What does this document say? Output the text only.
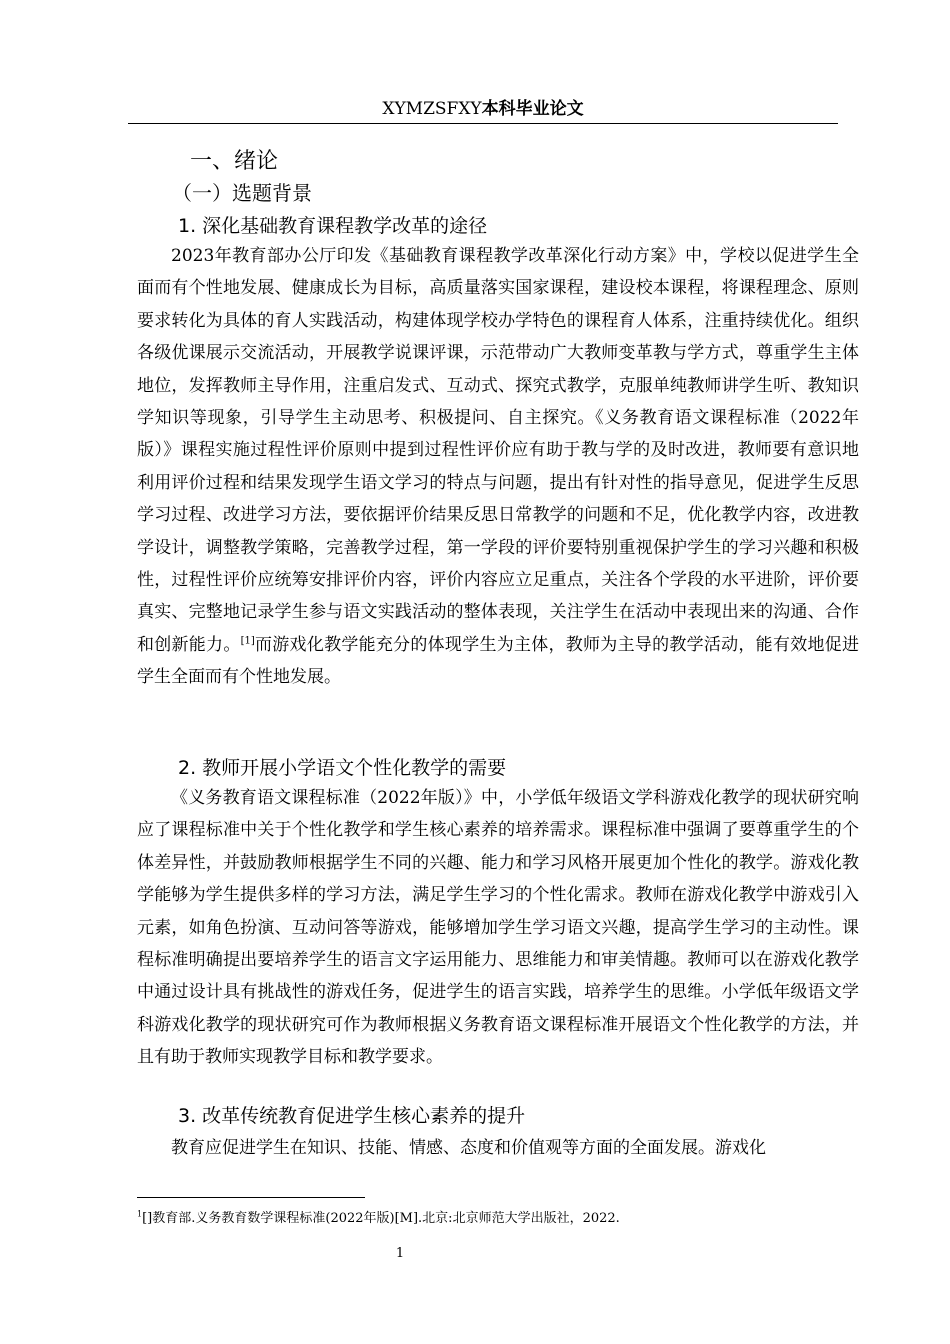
XYMZSFXY本科毕业论文
一、绪论
（一）选题背景
1. 深化基础教育课程教学改革的途径

2023年教育部办公厅印发《基础教育课程教学改革深化行动方案》中，学校以促进学生全面而有个性地发展、健康成长为目标，高质量落实国家课程，建设校本课程，将课程理念、原则要求转化为具体的育人实践活动，构建体现学校办学特色的课程育人体系，注重持续优化。组织各级优课展示交流活动，开展教学说课评课，示范带动广大教师变革教与学方式，尊重学生主体地位，发挥教师主导作用，注重启发式、互动式、探究式教学，克服单纯教师讲学生听、教知识学知识等现象，引导学生主动思考、积极提问、自主探究。《义务教育语文课程标准（2022年版）》课程实施过程性评价原则中提到过程性评价应有助于教与学的及时改进，教师要有意识地利用评价过程和结果发现学生语文学习的特点与问题，提出有针对性的指导意见，促进学生反思学习过程、改进学习方法，要依据评价结果反思日常教学的问题和不足，优化教学内容，改进教学设计，调整教学策略，完善教学过程，第一学段的评价要特别重视保护学生的学习兴趣和积极性，过程性评价应统筹安排评价内容，评价内容应立足重点，关注各个学段的水平进阶，评价要真实、完整地记录学生参与语文实践活动的整体表现，关注学生在活动中表现出来的沟通、合作和创新能力。[1]而游戏化教学能充分的体现学生为主体，教师为主导的教学活动，能有效地促进学生全面而有个性地发展。

2. 教师开展小学语文个性化教学的需要

《义务教育语文课程标准（2022年版）》中，小学低年级语文学科游戏化教学的现状研究响应了课程标准中关于个性化教学和学生核心素养的培养需求。课程标准中强调了要尊重学生的个体差异性，并鼓励教师根据学生不同的兴趣、能力和学习风格开展更加个性化的教学。游戏化教学能够为学生提供多样的学习方法，满足学生学习的个性化需求。教师在游戏化教学中游戏引入元素，如角色扮演、互动问答等游戏，能够增加学生学习语文兴趣，提高学生学习的主动性。课程标准明确提出要培养学生的语言文字运用能力、思维能力和审美情趣。教师可以在游戏化教学中通过设计具有挑战性的游戏任务，促进学生的语言实践，培养学生的思维。小学低年级语文学科游戏化教学的现状研究可作为教师根据义务教育语文课程标准开展语文个性化教学的方法，并且有助于教师实现教学目标和教学要求。

3. 改革传统教育促进学生核心素养的提升

教育应促进学生在知识、技能、情感、态度和价值观等方面的全面发展。游戏化

$^1$[]教育部.义务教育数学课程标准(2022年版)[M].北京:北京师范大学出版社，2022.
1
